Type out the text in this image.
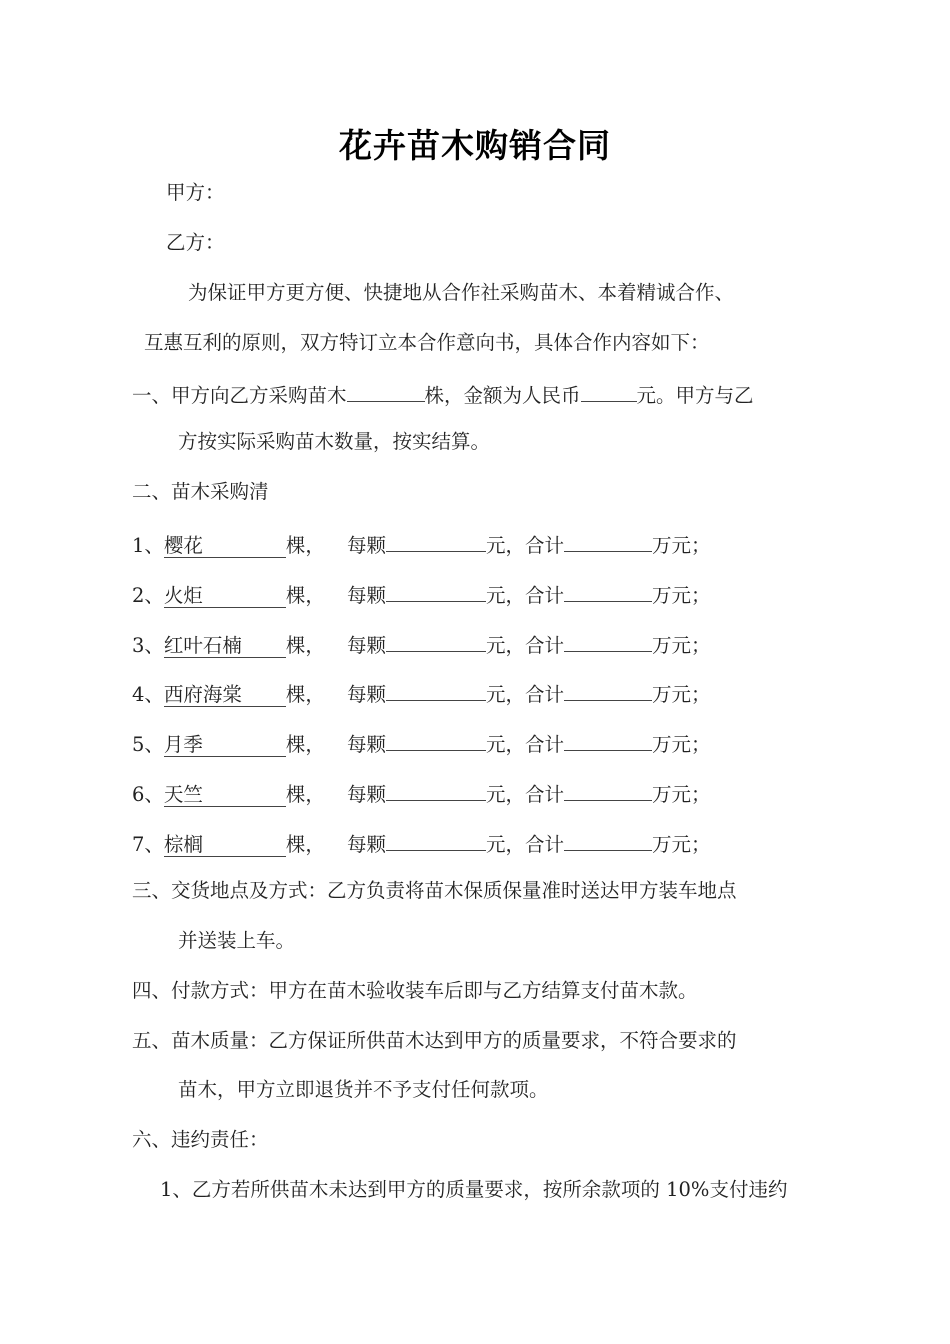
花卉苗木购销合同
甲方：
乙方：
为保证甲方更方便、快捷地从合作社采购苗木、本着精诚合作、
互惠互利的原则，双方特订立本合作意向书，具体合作内容如下：
一、甲方向乙方采购苗木	株，金额为人民币	元。甲方与乙
方按实际采购苗木数量，按实结算。
二、苗木采购清
1、樱花	棵， 每颗	元，合计	万元；
2、火炬	棵， 每颗	元，合计	万元；
3、红叶石楠 棵， 每颗	元，合计	万元；
4、西府海棠 棵， 每颗	元，合计	万元；
5、月季	棵， 每颗	元，合计	万元；
6、天竺	棵， 每颗	元，合计	万元；
7、棕榈	棵， 每颗	元，合计	万元；
三、交货地点及方式：乙方负责将苗木保质保量准时送达甲方装车地点
并送装上车。
四、付款方式：甲方在苗木验收装车后即与乙方结算支付苗木款。
五、苗木质量：乙方保证所供苗木达到甲方的质量要求，不符合要求的
苗木，甲方立即退货并不予支付任何款项。
六、违约责任：
1、乙方若所供苗木未达到甲方的质量要求，按所余款项的 10%支付违约
